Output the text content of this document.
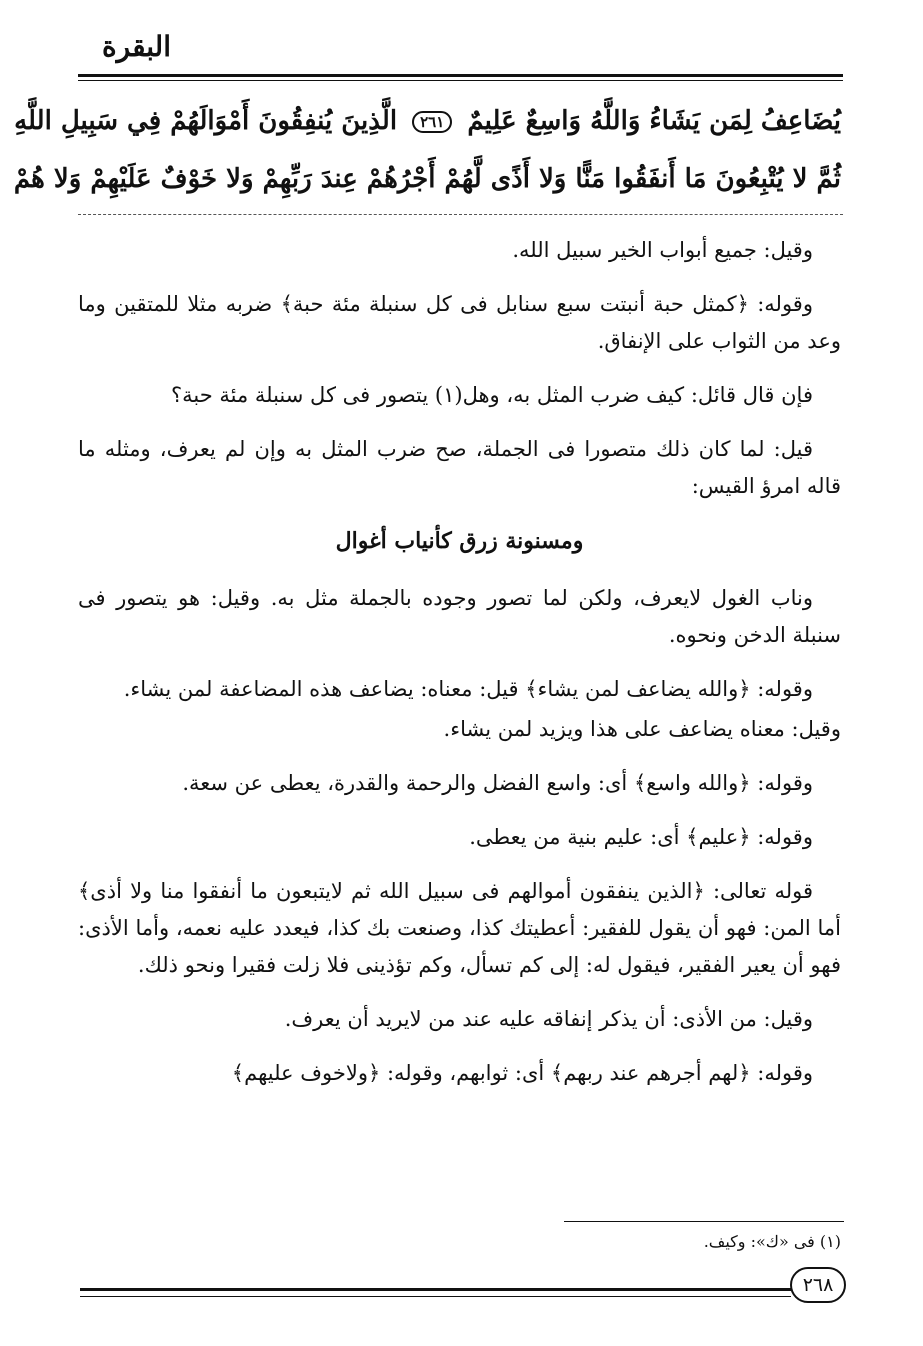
البقرة
يُضَاعِفُ لِمَن يَشَاءُ وَاللَّهُ وَاسِعٌ عَلِيمٌ ٢٦١ الَّذِينَ يُنفِقُونَ أَمْوَالَهُمْ فِي سَبِيلِ اللَّهِ
ثُمَّ لا يُتْبِعُونَ مَا أَنفَقُوا مَنًّا وَلا أَذًى لَّهُمْ أَجْرُهُمْ عِندَ رَبِّهِمْ وَلا خَوْفٌ عَلَيْهِمْ وَلا هُمْ

وقيل: جميع أبواب الخير سبيل الله.

وقوله: ﴿كمثل حبة أنبتت سبع سنابل فى كل سنبلة مئة حبة﴾ ضربه مثلا للمتقين وما وعد من الثواب على الإنفاق.

فإن قال قائل: كيف ضرب المثل به، وهل(١) يتصور فى كل سنبلة مئة حبة؟

قيل: لما كان ذلك متصورا فى الجملة، صح ضرب المثل به وإن لم يعرف، ومثله ما قاله امرؤ القيس:

ومسنونة زرق كأنياب أغوال

وناب الغول لايعرف، ولكن لما تصور وجوده بالجملة مثل به. وقيل: هو يتصور فى سنبلة الدخن ونحوه.

وقوله: ﴿والله يضاعف لمن يشاء﴾ قيل: معناه: يضاعف هذه المضاعفة لمن يشاء.

وقيل: معناه يضاعف على هذا ويزيد لمن يشاء.

وقوله: ﴿والله واسع﴾ أى: واسع الفضل والرحمة والقدرة، يعطى عن سعة.

وقوله: ﴿عليم﴾ أى: عليم بنية من يعطى.

قوله تعالى: ﴿الذين ينفقون أموالهم فى سبيل الله ثم لايتبعون ما أنفقوا منا ولا أذى﴾ أما المن: فهو أن يقول للفقير: أعطيتك كذا، وصنعت بك كذا، فيعدد عليه نعمه، وأما الأذى: فهو أن يعير الفقير، فيقول له: إلى كم تسأل، وكم تؤذينى فلا زلت فقيرا ونحو ذلك.

وقيل: من الأذى: أن يذكر إنفاقه عليه عند من لايريد أن يعرف.

وقوله: ﴿لهم أجرهم عند ربهم﴾ أى: ثوابهم، وقوله: ﴿ولاخوف عليهم﴾

(١) فى «ك»: وكيف.
٢٦٨
